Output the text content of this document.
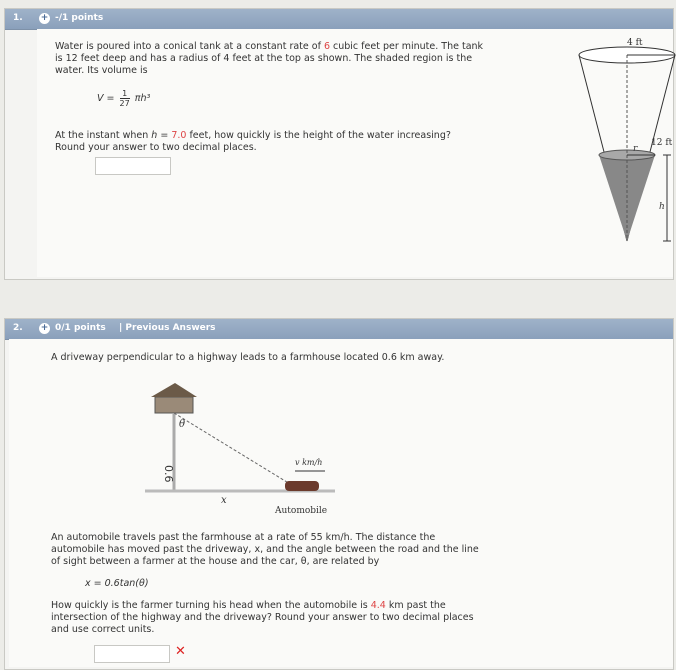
1. + -/1 points
Water is poured into a conical tank at a constant rate of 6 cubic feet per minute. The tank
is 12 feet deep and has a radius of 4 feet at the top as shown. The shaded region is the
water. Its volume is
$V = \frac{1}{27} \pi h^3$
At the instant when h = 7.0 feet, how quickly is the height of the water increasing?
Round your answer to two decimal places.
4 ft
r
h
12 ft
2. + 0/1 points | Previous Answers
A driveway perpendicular to a highway leads to a farmhouse located 0.6 km away.
θ
0.6
v km/h
x
Automobile
An automobile travels past the farmhouse at a rate of 55 km/h. The distance the
automobile has moved past the driveway, x, and the angle between the road and the line
of sight between a farmer at the house and the car, θ, are related by
x = 0.6tan(θ)
How quickly is the farmer turning his head when the automobile is 4.4 km past the
intersection of the highway and the driveway? Round your answer to two decimal places
and use correct units.
✕
